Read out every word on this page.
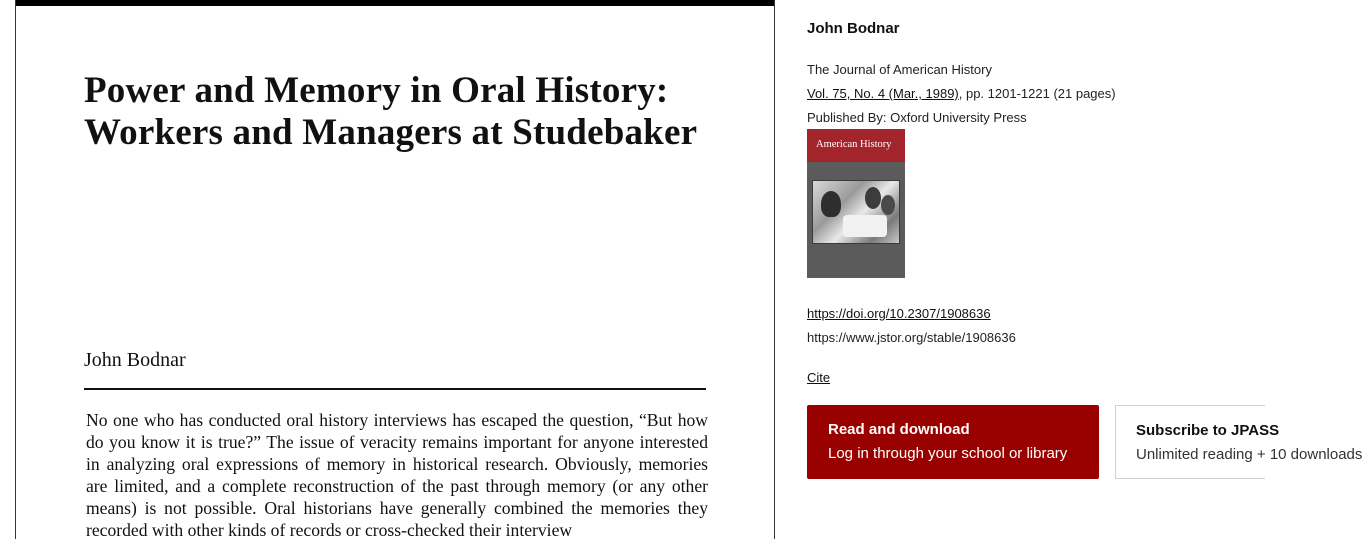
Power and Memory in Oral History: Workers and Managers at Studebaker
John Bodnar

No one who has conducted oral history interviews has escaped the question, “But how do you know it is true?” The issue of veracity remains important for anyone interested in analyzing oral expressions of memory in historical research. Obviously, memories are limited, and a complete reconstruction of the past through memory (or any other means) is not possible. Oral historians have generally combined the memories they recorded with other kinds of records or cross-checked their interview

John Bodnar
The Journal of American History
Vol. 75, No. 4 (Mar., 1989), pp. 1201-1221 (21 pages)
Published By: Oxford University Press
American History
https://doi.org/10.2307/1908636
https://www.jstor.org/stable/1908636
Cite
Read and download
Log in through your school or library
Subscribe to JPASS
Unlimited reading + 10 downloads
